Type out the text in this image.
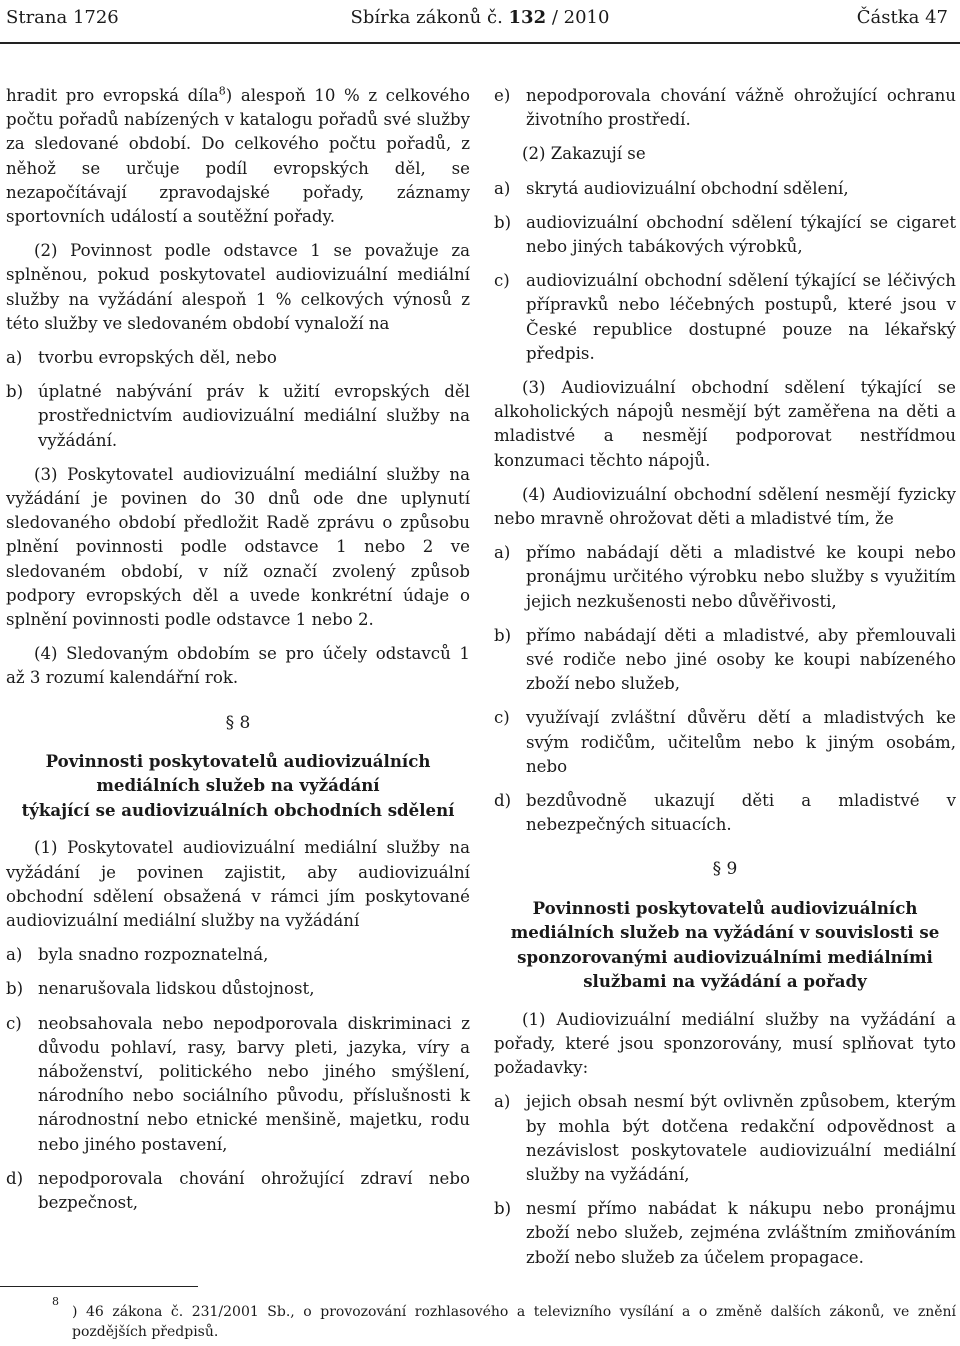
Strana 1726	Sbírka zákonů č. 132 / 2010	Částka 47

hradit pro evropská díla$^8$) alespoň 10 % z celkového počtu pořadů nabízených v katalogu pořadů své služby za sledované období. Do celkového počtu pořadů, z něhož se určuje podíl evropských děl, se nezapočítávají zpravodajské pořady, záznamy sportovních událostí a soutěžní pořady.

(2) Povinnost podle odstavce 1 se považuje za splněnou, pokud poskytovatel audiovizuální mediální služby na vyžádání alespoň 1 % celkových výnosů z této služby ve sledovaném období vynaloží na

a) tvorbu evropských děl, nebo
b) úplatné nabývání práv k užití evropských děl prostřednictvím audiovizuální mediální služby na vyžádání.

(3) Poskytovatel audiovizuální mediální služby na vyžádání je povinen do 30 dnů ode dne uplynutí sledovaného období předložit Radě zprávu o způsobu plnění povinnosti podle odstavce 1 nebo 2 ve sledovaném období, v níž označí zvolený způsob podpory evropských děl a uvede konkrétní údaje o splnění povinnosti podle odstavce 1 nebo 2.

(4) Sledovaným obdobím se pro účely odstavců 1 až 3 rozumí kalendářní rok.

§ 8
Povinnosti poskytovatelů audiovizuálních
mediálních služeb na vyžádání
týkající se audiovizuálních obchodních sdělení

(1) Poskytovatel audiovizuální mediální služby na vyžádání je povinen zajistit, aby audiovizuální obchodní sdělení obsažená v rámci jím poskytované audiovizuální mediální služby na vyžádání

a) byla snadno rozpoznatelná,
b) nenarušovala lidskou důstojnost,
c) neobsahovala nebo nepodporovala diskriminaci z důvodu pohlaví, rasy, barvy pleti, jazyka, víry a náboženství, politického nebo jiného smýšlení, národního nebo sociálního původu, příslušnosti k národnostní nebo etnické menšině, majetku, rodu nebo jiného postavení,
d) nepodporovala chování ohrožující zdraví nebo bezpečnost,
e) nepodporovala chování vážně ohrožující ochranu životního prostředí.

(2) Zakazují se

a) skrytá audiovizuální obchodní sdělení,
b) audiovizuální obchodní sdělení týkající se cigaret nebo jiných tabákových výrobků,
c) audiovizuální obchodní sdělení týkající se léčivých přípravků nebo léčebných postupů, které jsou v České republice dostupné pouze na lékařský předpis.

(3) Audiovizuální obchodní sdělení týkající se alkoholických nápojů nesmějí být zaměřena na děti a mladistvé a nesmějí podporovat nestřídmou konzumaci těchto nápojů.

(4) Audiovizuální obchodní sdělení nesmějí fyzicky nebo mravně ohrožovat děti a mladistvé tím, že

a) přímo nabádají děti a mladistvé ke koupi nebo pronájmu určitého výrobku nebo služby s využitím jejich nezkušenosti nebo důvěřivosti,
b) přímo nabádají děti a mladistvé, aby přemlouvali své rodiče nebo jiné osoby ke koupi nabízeného zboží nebo služeb,
c) využívají zvláštní důvěru dětí a mladistvých ke svým rodičům, učitelům nebo k jiným osobám, nebo
d) bezdůvodně ukazují děti a mladistvé v nebezpečných situacích.
§ 9
Povinnosti poskytovatelů audiovizuálních
mediálních služeb na vyžádání v souvislosti se
sponzorovanými audiovizuálními mediálními
službami na vyžádání a pořady

(1) Audiovizuální mediální služby na vyžádání a pořady, které jsou sponzorovány, musí splňovat tyto požadavky:

a) jejich obsah nesmí být ovlivněn způsobem, kterým by mohla být dotčena redakční odpovědnost a nezávislost poskytovatele audiovizuální mediální služby na vyžádání,
b) nesmí přímo nabádat k nákupu nebo pronájmu zboží nebo služeb, zejména zvláštním zmiňováním zboží nebo služeb za účelem propagace.
8
) 46 zákona č. 231/2001 Sb., o provozování rozhlasového a televizního vysílání a o změně dalších zákonů, ve znění pozdějších předpisů.
